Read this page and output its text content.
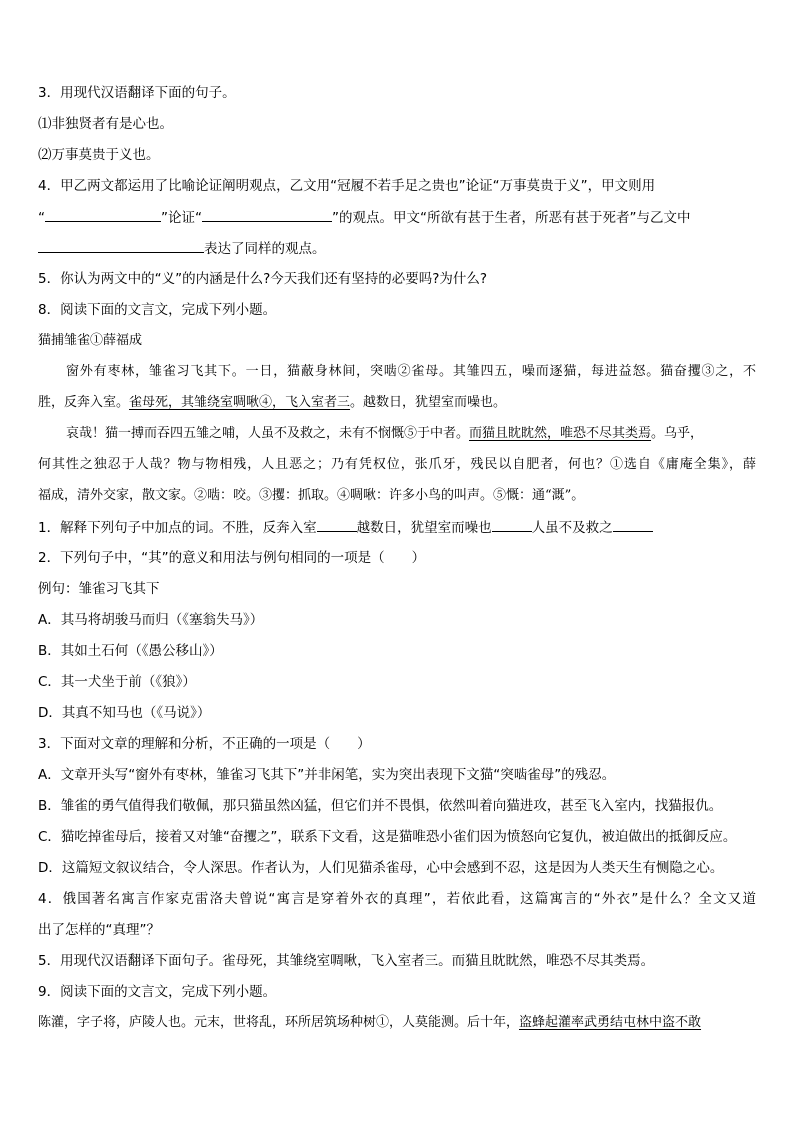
3．用现代汉语翻译下面的句子。
⑴非独贤者有是心也。
⑵万事莫贵于义也。
4．甲乙两文都运用了比喻论证阐明观点，乙文用“冠履不若手足之贵也”论证“万事莫贵于义”，甲文则用
“	”论证“	”的观点。甲文“所欲有甚于生者，所恶有甚于死者”与乙文中
表达了同样的观点。
5．你认为两文中的“义”的内涵是什么?今天我们还有坚持的必要吗?为什么?
8．阅读下面的文言文，完成下列小题。
猫捕雏雀①薛福成
窗外有枣林，雏雀习飞其下。一日，猫蔽身林间，突啮②雀母。其雏四五，噪而逐猫，每进益怒。猫奋攫③之，不
胜，反奔入室。雀母死，其雏绕室啁啾④，飞入室者三。越数日，犹望室而噪也。
哀哉！猫一搏而吞四五雏之哺，人虽不及救之，未有不悯慨⑤于中者。而猫且眈眈然，唯恐不尽其类焉。乌乎，
何其性之独忍于人哉？物与物相残，人且恶之；乃有凭权位，张爪牙，残民以自肥者，何也？①选自《庸庵全集》，薛
福成，清外交家，散文家。②啮：咬。③攫：抓取。④啁啾：许多小鸟的叫声。⑤慨：通“溉”。
1．解释下列句子中加点的词。不胜，反奔入室	越数日，犹望室而噪也	人虽不及救之
2．下列句子中，“其”的意义和用法与例句相同的一项是（　　）
例句：雏雀习飞其下
A．其马将胡骏马而归（《塞翁失马》）
B．其如土石何（《愚公移山》）
C．其一犬坐于前（《狼》）
D．其真不知马也（《马说》）
3．下面对文章的理解和分析，不正确的一项是（　　）
A．文章开头写“窗外有枣林，雏雀习飞其下”并非闲笔，实为突出表现下文猫“突啮雀母”的残忍。
B．雏雀的勇气值得我们敬佩，那只猫虽然凶猛，但它们并不畏惧，依然叫着向猫进攻，甚至飞入室内，找猫报仇。
C．猫吃掉雀母后，接着又对雏“奋攫之”，联系下文看，这是猫唯恐小雀们因为愤怒向它复仇，被迫做出的抵御反应。
D．这篇短文叙议结合，令人深思。作者认为，人们见猫杀雀母，心中会感到不忍，这是因为人类天生有恻隐之心。
4．俄国著名寓言作家克雷洛夫曾说“寓言是穿着外衣的真理”，若依此看，这篇寓言的“外衣”是什么？全文又道
出了怎样的“真理”？
5．用现代汉语翻译下面句子。雀母死，其雏绕室啁啾，飞入室者三。而猫且眈眈然，唯恐不尽其类焉。
9．阅读下面的文言文，完成下列小题。
陈灌，字子将，庐陵人也。元末，世将乱，环所居筑场种树①，人莫能测。后十年，盗蜂起灌率武勇结屯林中盗不敢
